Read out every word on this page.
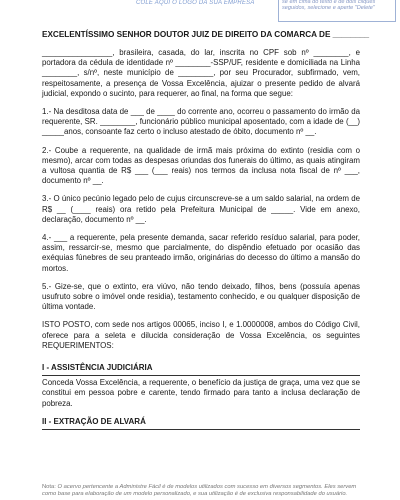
COLE AQUI O LOGO DA SUA EMPRESA	se em cima do texto e de dois cliques seguidos, selecione e aperte "Delete"
EXCELENTÍSSIMO SENHOR DOUTOR JUIZ DE DIREITO DA COMARCA DE ________

________________, brasileira, casada, do lar, inscrita no CPF sob nº ________, e portadora da cédula de identidade nº ________-SSP/UF, residente e domiciliada na Linha ________, s/nº, neste município de ________, por seu Procurador, subfirmado, vem, respeitosamente, a presença de Vossa Excelência, ajuizar o presente pedido de alvará judicial, expondo o sucinto, para requerer, ao final, na forma que segue:

1.- Na desditosa data de ___ de ____ do corrente ano, ocorreu o passamento do irmão da requerente, SR. ________, funcionário público municipal aposentado, com a idade de (__) _____anos, consoante faz certo o incluso atestado de óbito, documento nº __.

2.- Coube a requerente, na qualidade de irmã mais próxima do extinto (residia com o mesmo), arcar com todas as despesas oriundas dos funerais do último, as quais atingiram a vultosa quantia de R$ ___ (___ reais) nos termos da inclusa nota fiscal de nº ___, documento nº __.

3.- O único pecúnio legado pelo de cujus circunscreve-se a um saldo salarial, na ordem de R$ __ (____ reais) ora retido pela Prefeitura Municipal de _____. Vide em anexo, declaração, documento nº __.

4.- ___ a requerente, pela presente demanda, sacar referido resíduo salarial, para poder, assim, ressarcir-se, mesmo que parcialmente, do dispêndio efetuado por ocasião das exéquias fúnebres de seu pranteado irmão, originárias do decesso do último a mansão do mortos.

5.- Gize-se, que o extinto, era viúvo, não tendo deixado, filhos, bens (possuía apenas usufruto sobre o imóvel onde residia), testamento conhecido, e ou qualquer disposição de última vontade.

ISTO POSTO, com sede nos artigos 00065, inciso I, e 1.0000008, ambos do Código Civil, oferece para a seleta e dilucida consideração de Vossa Excelência, os seguintes REQUERIMENTOS:

I - ASSISTÊNCIA JUDICIÁRIA

Conceda Vossa Excelência, a requerente, o benefício da justiça de graça, uma vez que se constitui em pessoa pobre e carente, tendo firmado para tanto a inclusa declaração de pobreza.

II - EXTRAÇÃO DE ALVARÁ
Nota: O acervo pertencente a Administre Fácil é de modelos utilizados com sucesso em diversos segmentos. Eles servem como base para elaboração de um modelo personalizado, e sua utilização é de exclusiva responsabilidade do usuário.
